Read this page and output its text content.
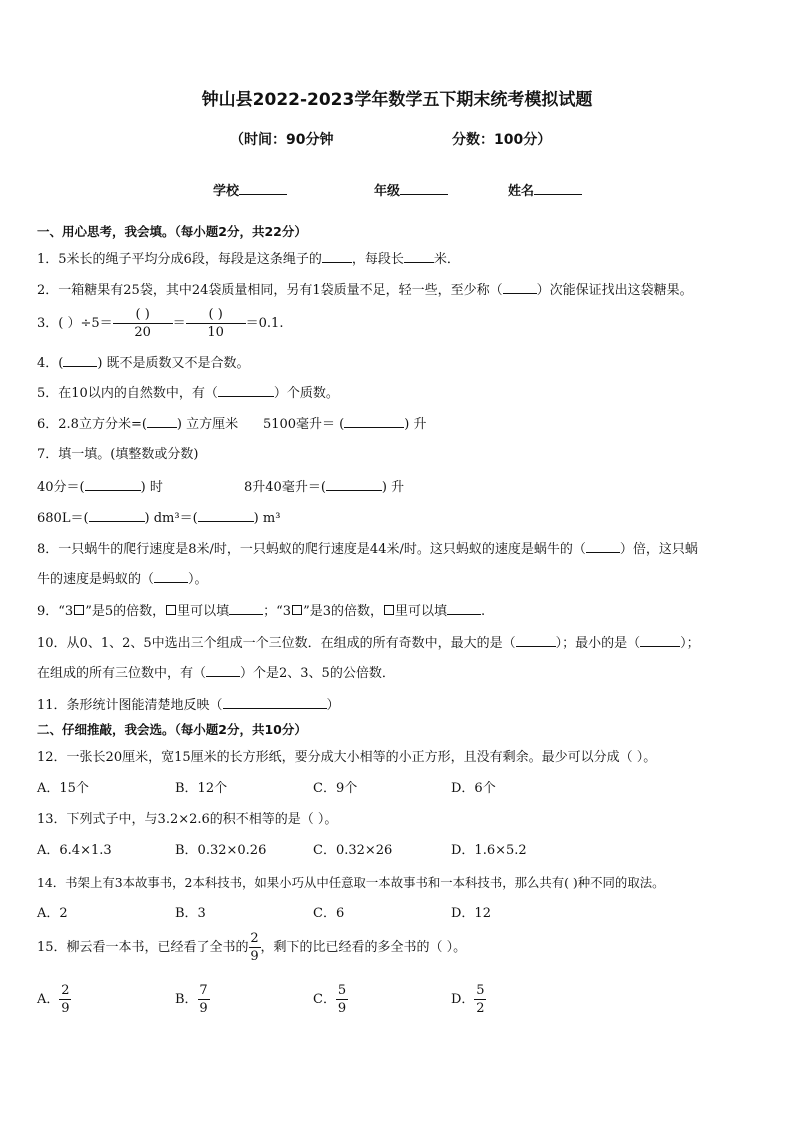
钟山县2022-2023学年数学五下期末统考模拟试题
（时间：90分钟	分数：100分）
学校	年级	姓名
一、用心思考，我会填。（每小题2分，共22分）
1．5米长的绳子平均分成6段，每段是这条绳子的 ，每段长 米．
2．一箱糖果有25袋，其中24袋质量相同，另有1袋质量不足，轻一些，至少称（	）次能保证找出这袋糖果。
3．( ）$\div 5= \frac{( )}{20} = \frac{( )}{10} =0.1$.
4．(	) 既不是质数又不是合数。
5．在10以内的自然数中，有（	）个质数。
6．2.8立方分米=( ) 立方厘米 5100毫升＝ (	) 升
7．填一填。(填整数或分数)
40分＝(	) 时	8升40毫升＝(	) 升
680L＝(	) dm³＝(	) m³
8．一只蜗牛的爬行速度是8米/时，一只蚂蚁的爬行速度是44米/时。这只蚂蚁的速度是蜗牛的（	）倍，这只蜗
牛的速度是蚂蚁的（	）。
9．“3 ”是5的倍数， 里可以填	；“3 ”是3的倍数， 里可以填	.
10．从0、1、2、5中选出三个组成一个三位数．在组成的所有奇数中，最大的是（	）；最小的是（	）；
在组成的所有三位数中，有（	）个是2、3、5的公倍数．
11．条形统计图能清楚地反映（	）
二、仔细推敲，我会选。（每小题2分，共10分）
12．一张长20厘米，宽15厘米的长方形纸，要分成大小相等的小正方形，且没有剩余。最少可以分成（ ）。
A．15个	B．12个	C．9个	D．6个
13．下列式子中，与3.2×2.6的积不相等的是（ ）。
A．6.4×1.3	B．0.32×0.26	C．0.32×26	D．1.6×5.2
14．书架上有3本故事书，2本科技书，如果小巧从中任意取一本故事书和一本科技书，那么共有( )种不同的取法。
A．2	B．3	C．6	D．12
15．柳云看一本书，已经看了全书的 $\frac{2}{9}$ ，剩下的比已经看的多全书的（ ）。
A． $\frac{2}{9}$	B． $\frac{7}{9}$	C． $\frac{5}{9}$	D． $\frac{5}{2}$
